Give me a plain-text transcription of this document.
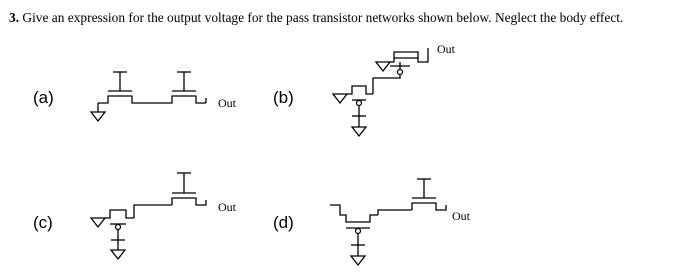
3. Give an expression for the output voltage for the pass transistor networks shown below. Neglect the body effect.
(a)	(b)
(c)	(d)
Out
Out
Out
Out
